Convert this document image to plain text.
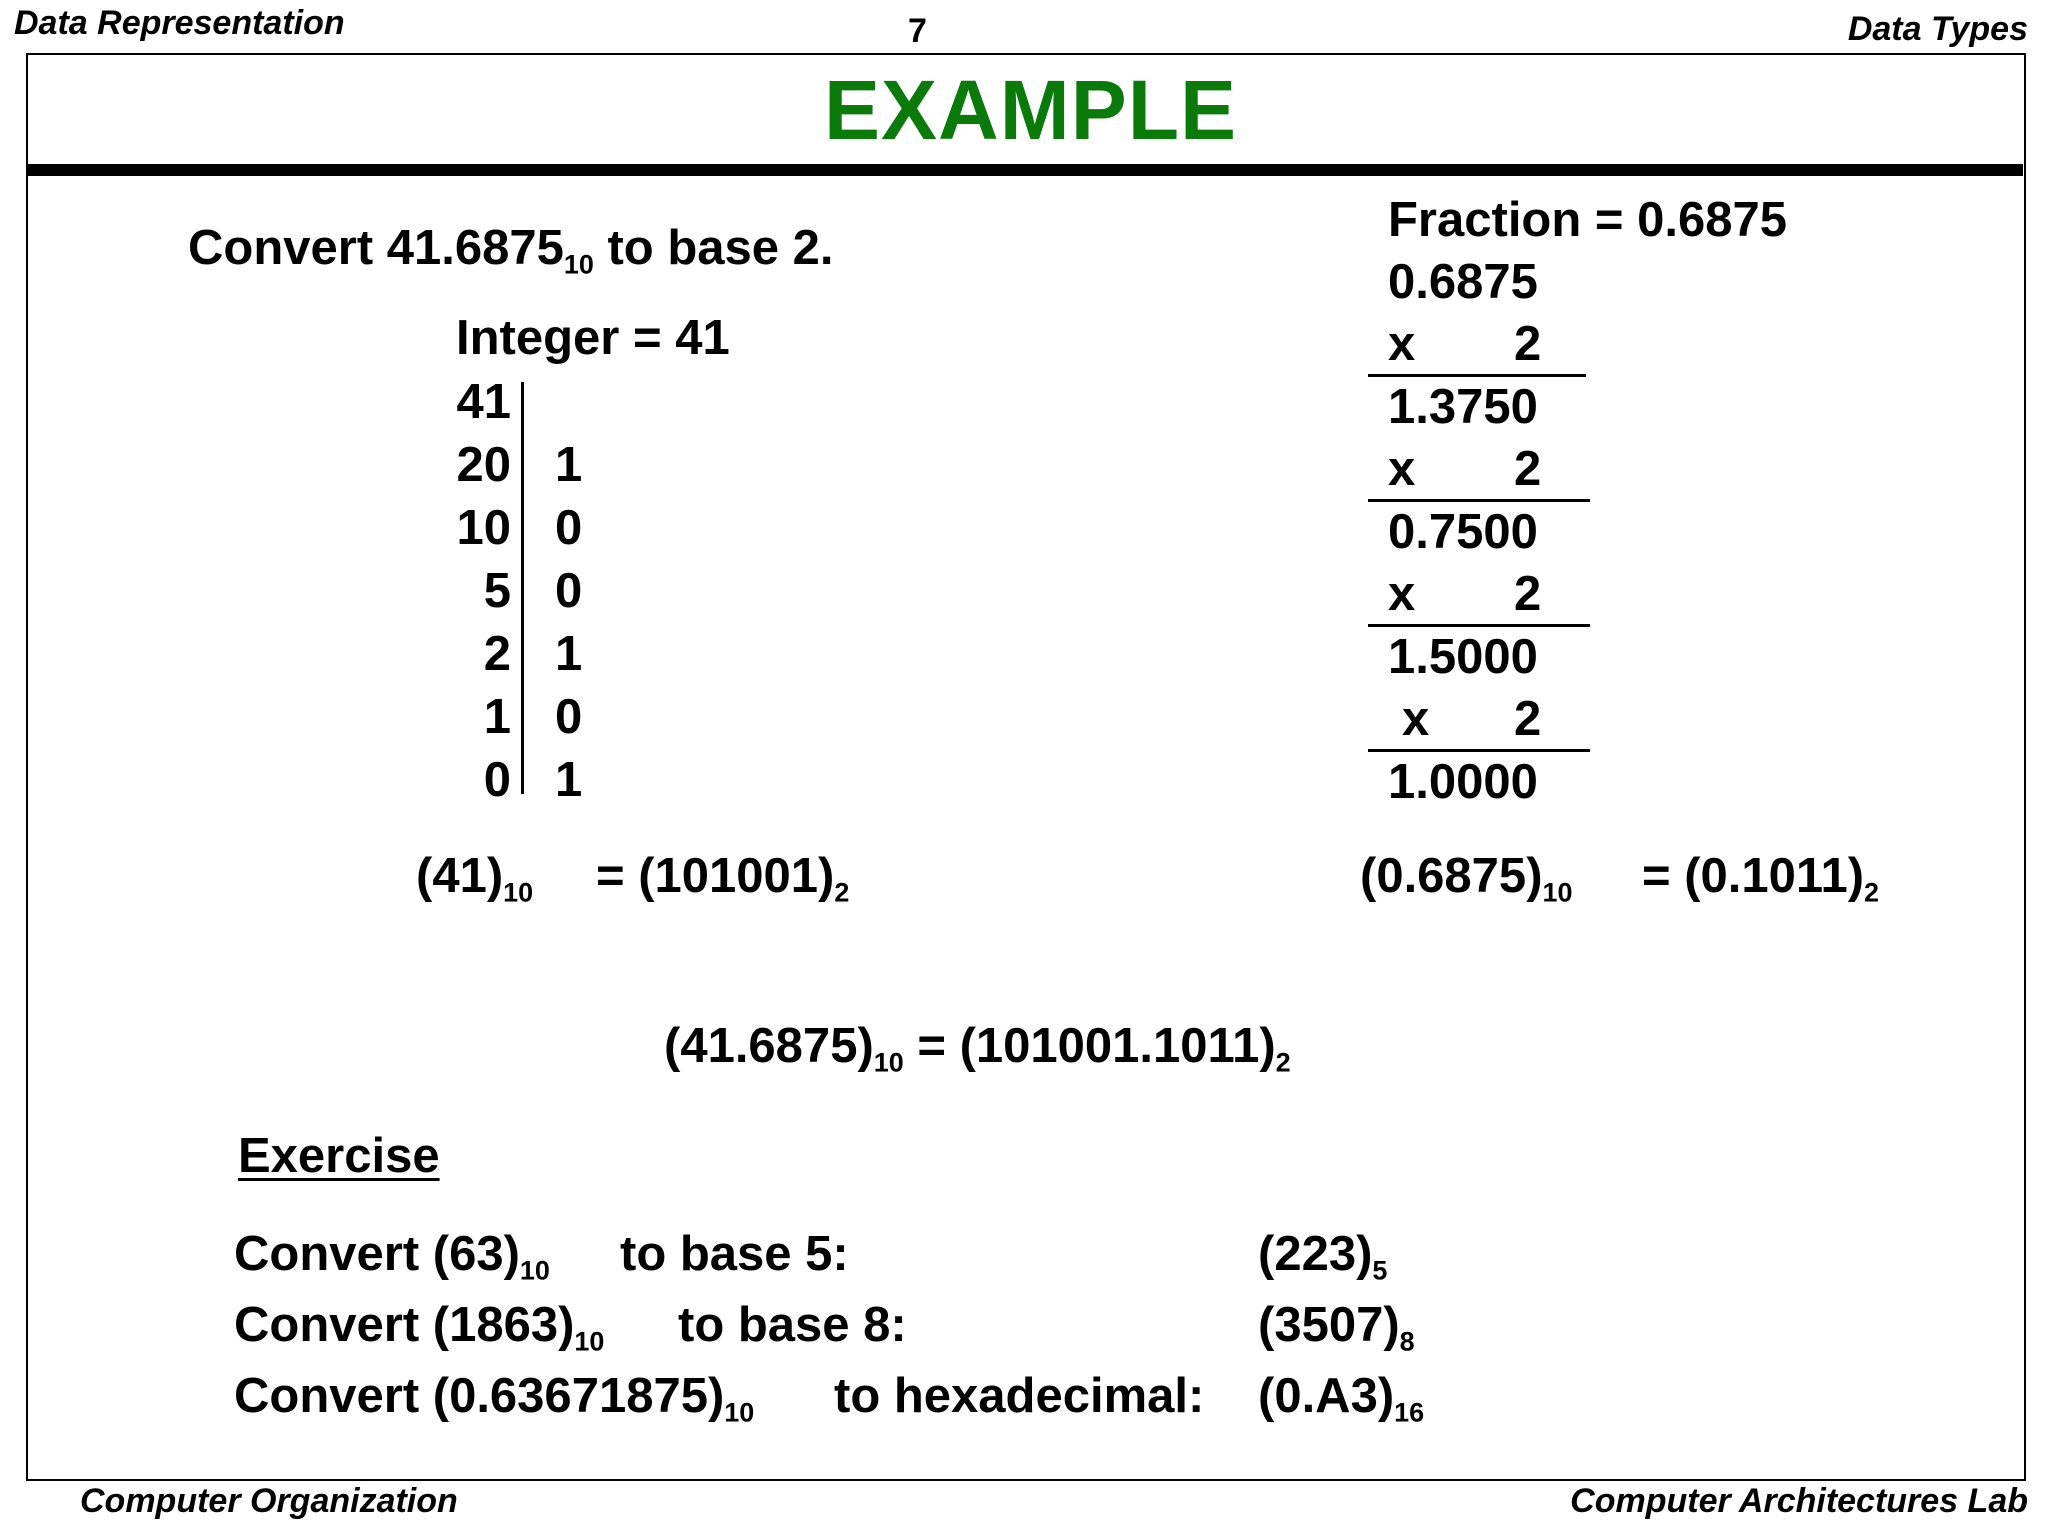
Data Representation	7	Data Types
EXAMPLE
Convert $41.6875_{10}$ to base 2.
Integer = 41
41
20 1
10 0
5 0
2 1
1 0
0 1
$(41)_{10} = (101001)_2$
Fraction = 0.6875
0.6875
x 2
1.3750
x 2
0.7500
x 2
1.5000
x 2
1.0000
$(0.6875)_{10} = (0.1011)_2$
$(41.6875)_{10} = (101001.1011)_2$
Exercise
Convert $(63)_{10}$ to base 5:	$(223)_5$
Convert $(1863)_{10}$ to base 8:	$(3507)_8$
Convert $(0.63671875)_{10}$ to hexadecimal: $(0.A3)_{16}$
Computer Organization	Computer Architectures Lab
